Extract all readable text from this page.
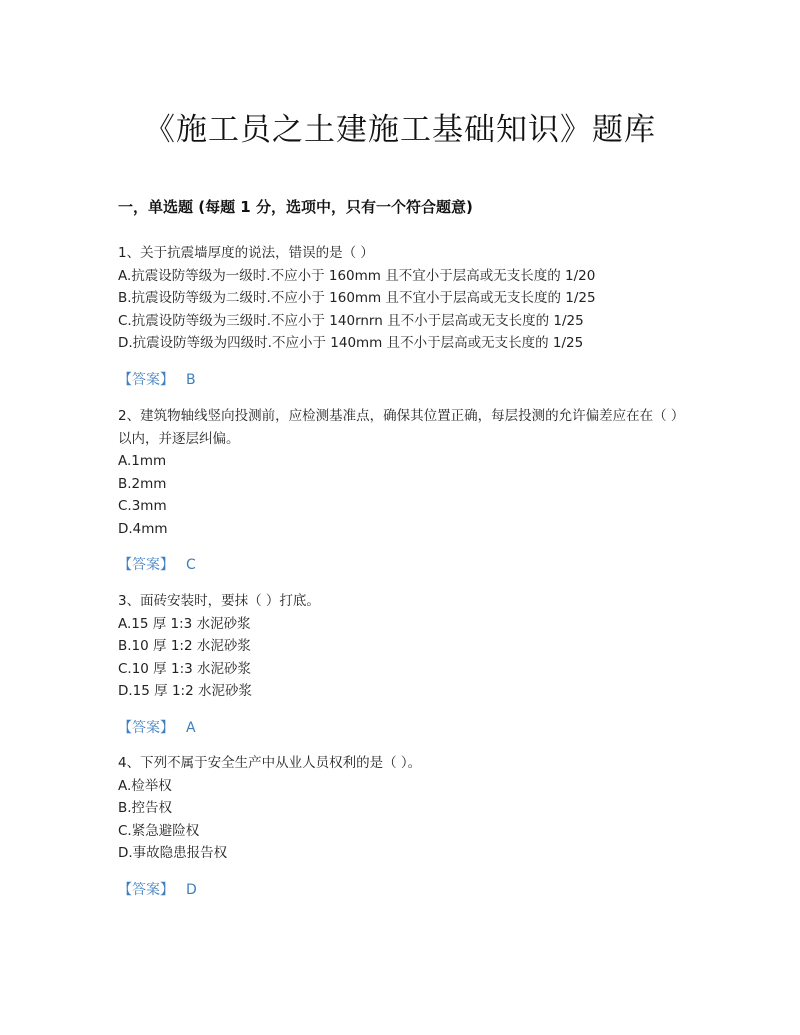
《施工员之土建施工基础知识》题库
一，单选题 (每题 1 分，选项中，只有一个符合题意)
1、关于抗震墙厚度的说法，错误的是（ ）
A.抗震设防等级为一级时.不应小于 160mm 且不宜小于层高或无支长度的 1/20
B.抗震设防等级为二级时.不应小于 160mm 且不宜小于层高或无支长度的 1/25
C.抗震设防等级为三级时.不应小于 140rnrn 且不小于层高或无支长度的 1/25
D.抗震设防等级为四级时.不应小于 140mm 且不小于层高或无支长度的 1/25
【答案】 B
2、建筑物轴线竖向投测前，应检测基准点，确保其位置正确，每层投测的允许偏差应在在（ ）以内，并逐层纠偏。
A.1mm
B.2mm
C.3mm
D.4mm
【答案】 C
3、面砖安装时，要抹（ ）打底。
A.15 厚 1:3 水泥砂浆
B.10 厚 1:2 水泥砂浆
C.10 厚 1:3 水泥砂浆
D.15 厚 1:2 水泥砂浆
【答案】 A
4、下列不属于安全生产中从业人员权利的是（ ）。
A.检举权
B.控告权
C.紧急避险权
D.事故隐患报告权
【答案】 D
